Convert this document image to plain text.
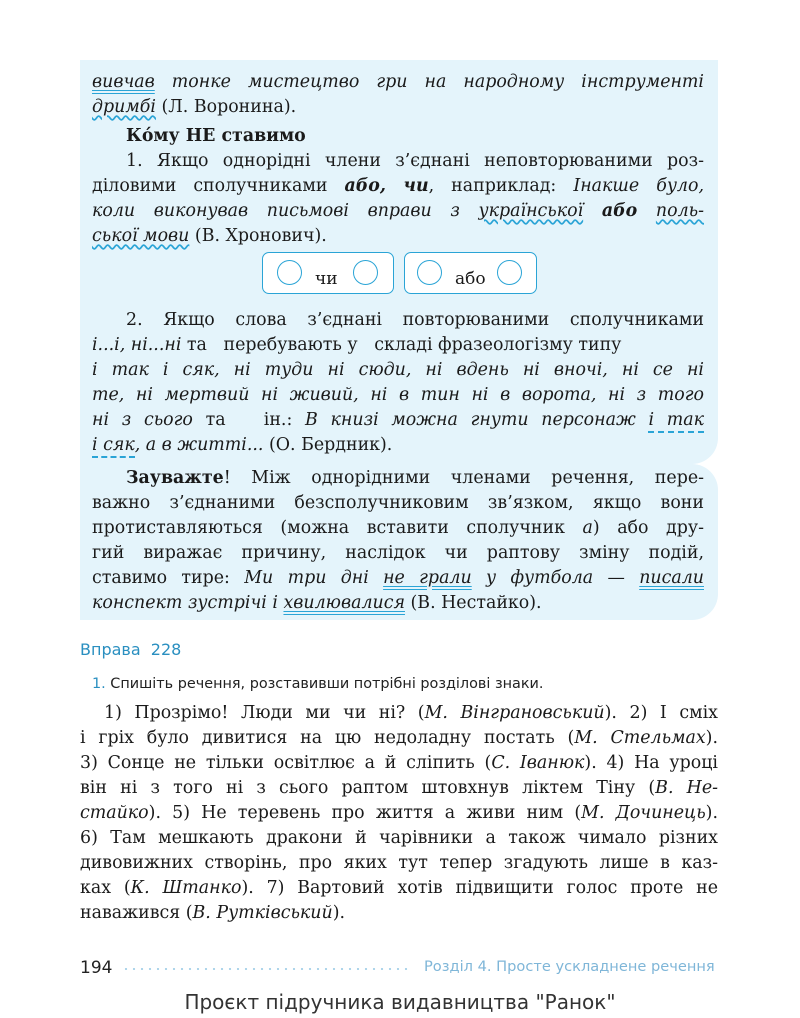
вивчав тонке мистецтво гри на народному інструменті
дримбі (Л. Воронина).
Кóму НЕ ставимо
1. Якщо однорідні члени з’єднані неповторюваними роз-
діловими сполучниками або, чи, наприклад: Інакше було,
коли виконував письмові вправи з української або поль-
ської мови (В. Хронович).
чи	або
2. Якщо слова з’єднані повторюваними сполучниками
і...і, ні...ні та   перебувають у   складі фразеологізму типу
і так і сяк, ні туди ні сюди, ні вдень ні вночі, ні се ні
те, ні мертвий ні живий, ні в тин ні в ворота, ні з того
ні з сього та   ін.: В книзі можна гнути персонаж і так
і сяк, а в житті... (О. Бердник).
Зауважте! Між однорідними членами речення, пере-
важно з’єднаними безсполучниковим зв’язком, якщо вони
протиставляються (можна вставити сполучник а) або дру-
гий виражає причину, наслідок чи раптову зміну подій,
ставимо тире: Ми три дні не грали у футбола — писали
конспект зустрічі і хвилювалися (В. Нестайко).
Вправа  228
1. Спишіть речення, розставивши потрібні розділові знаки.
1) Прозрімо! Люди ми чи ні? (М. Вінграновський). 2) І сміх
і гріх було дивитися на цю недоладну постать (М. Стельмах).
3) Сонце не тільки освітлює а й сліпить (С. Іванюк). 4) На уроці
він ні з того ні з сього раптом штовхнув ліктем Тіну (В. Не-
стайко). 5) Не теревень про життя а живи ним (М. Дочинець).
6) Там мешкають дракони й чарівники а також чимало різних
дивовижних створінь, про яких тут тепер згадують лише в каз-
ках (К. Штанко). 7) Вартовий хотів підвищити голос проте не
наважився (В. Рутківський).
194	Розділ 4. Просте ускладнене речення
Проєкт підручника видавництва "Ранок"
